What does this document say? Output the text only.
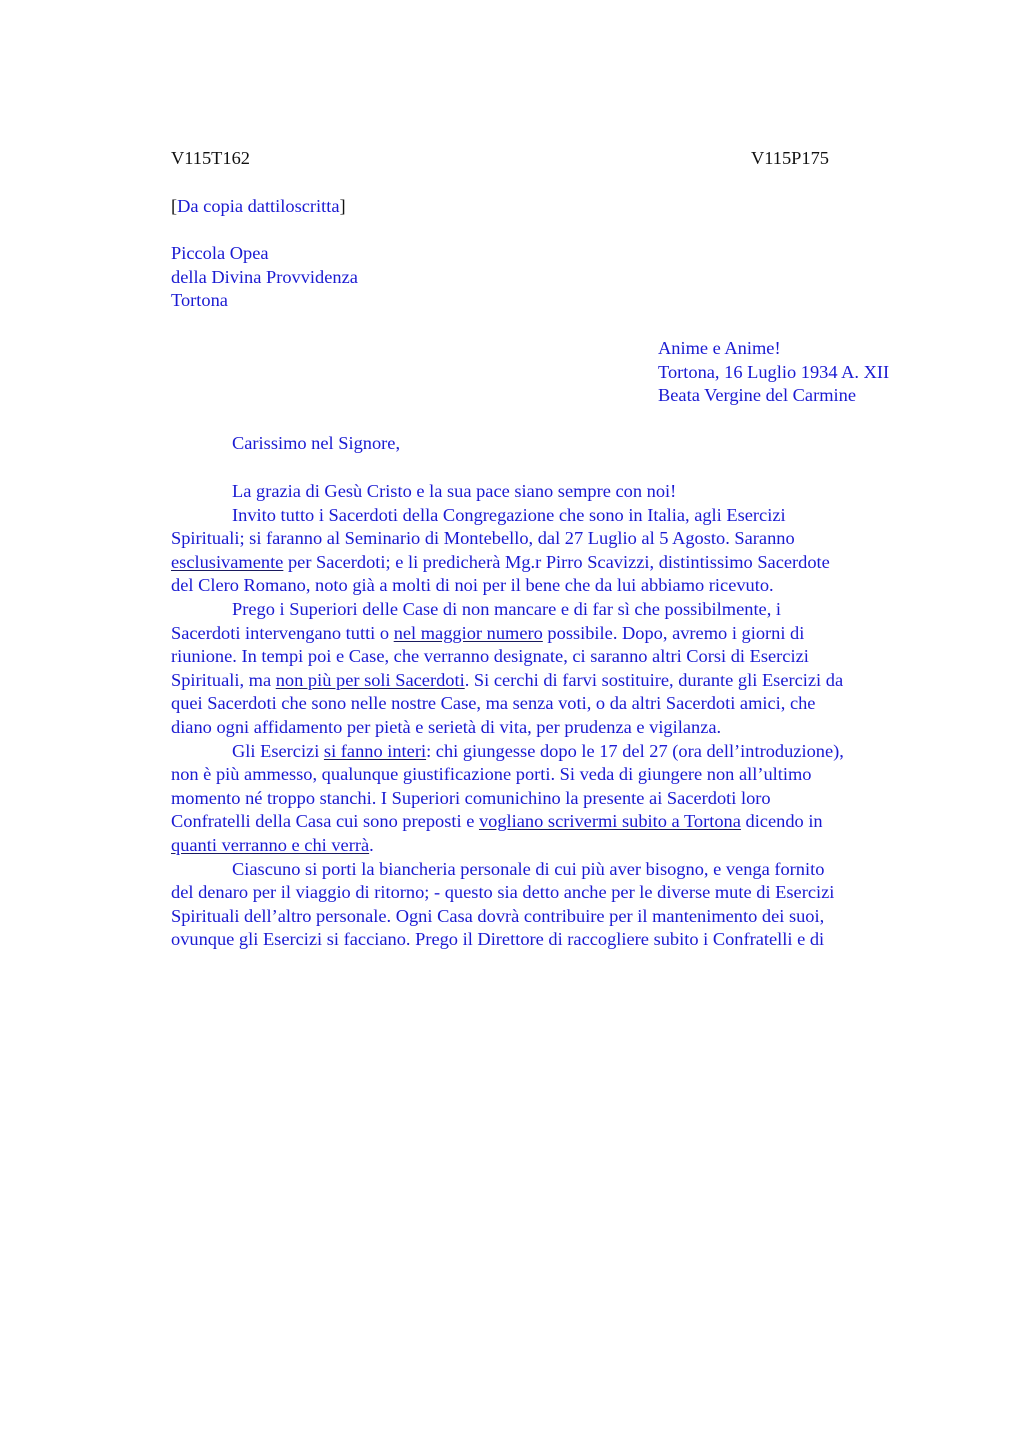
V115T162	V115P175
[Da copia dattiloscritta]
Piccola Opea
della Divina Provvidenza
Tortona
Anime e Anime!
Tortona, 16 Luglio 1934 A. XII
Beata Vergine del Carmine
Carissimo nel Signore,
La grazia di Gesù Cristo e la sua pace siano sempre con noi!
Invito tutto i Sacerdoti della Congregazione che sono in Italia, agli Esercizi
Spirituali; si faranno al Seminario di Montebello, dal 27 Luglio al 5 Agosto. Saranno
esclusivamente per Sacerdoti; e li predicherà Mg.r Pirro Scavizzi, distintissimo Sacerdote
del Clero Romano, noto già a molti di noi per il bene che da lui abbiamo ricevuto.
Prego i Superiori delle Case di non mancare e di far sì che possibilmente, i
Sacerdoti intervengano tutti o nel maggior numero possibile. Dopo, avremo i giorni di
riunione. In tempi poi e Case, che verranno designate, ci saranno altri Corsi di Esercizi
Spirituali, ma non più per soli Sacerdoti. Si cerchi di farvi sostituire, durante gli Esercizi da
quei Sacerdoti che sono nelle nostre Case, ma senza voti, o da altri Sacerdoti amici, che
diano ogni affidamento per pietà e serietà di vita, per prudenza e vigilanza.
Gli Esercizi si fanno interi: chi giungesse dopo le 17 del 27 (ora dell’introduzione),
non è più ammesso, qualunque giustificazione porti. Si veda di giungere non all’ultimo
momento né troppo stanchi. I Superiori comunichino la presente ai Sacerdoti loro
Confratelli della Casa cui sono preposti e vogliano scrivermi subito a Tortona dicendo in
quanti verranno e chi verrà.
Ciascuno si porti la biancheria personale di cui più aver bisogno, e venga fornito
del denaro per il viaggio di ritorno; - questo sia detto anche per le diverse mute di Esercizi
Spirituali dell’altro personale. Ogni Casa dovrà contribuire per il mantenimento dei suoi,
ovunque gli Esercizi si facciano. Prego il Direttore di raccogliere subito i Confratelli e di
